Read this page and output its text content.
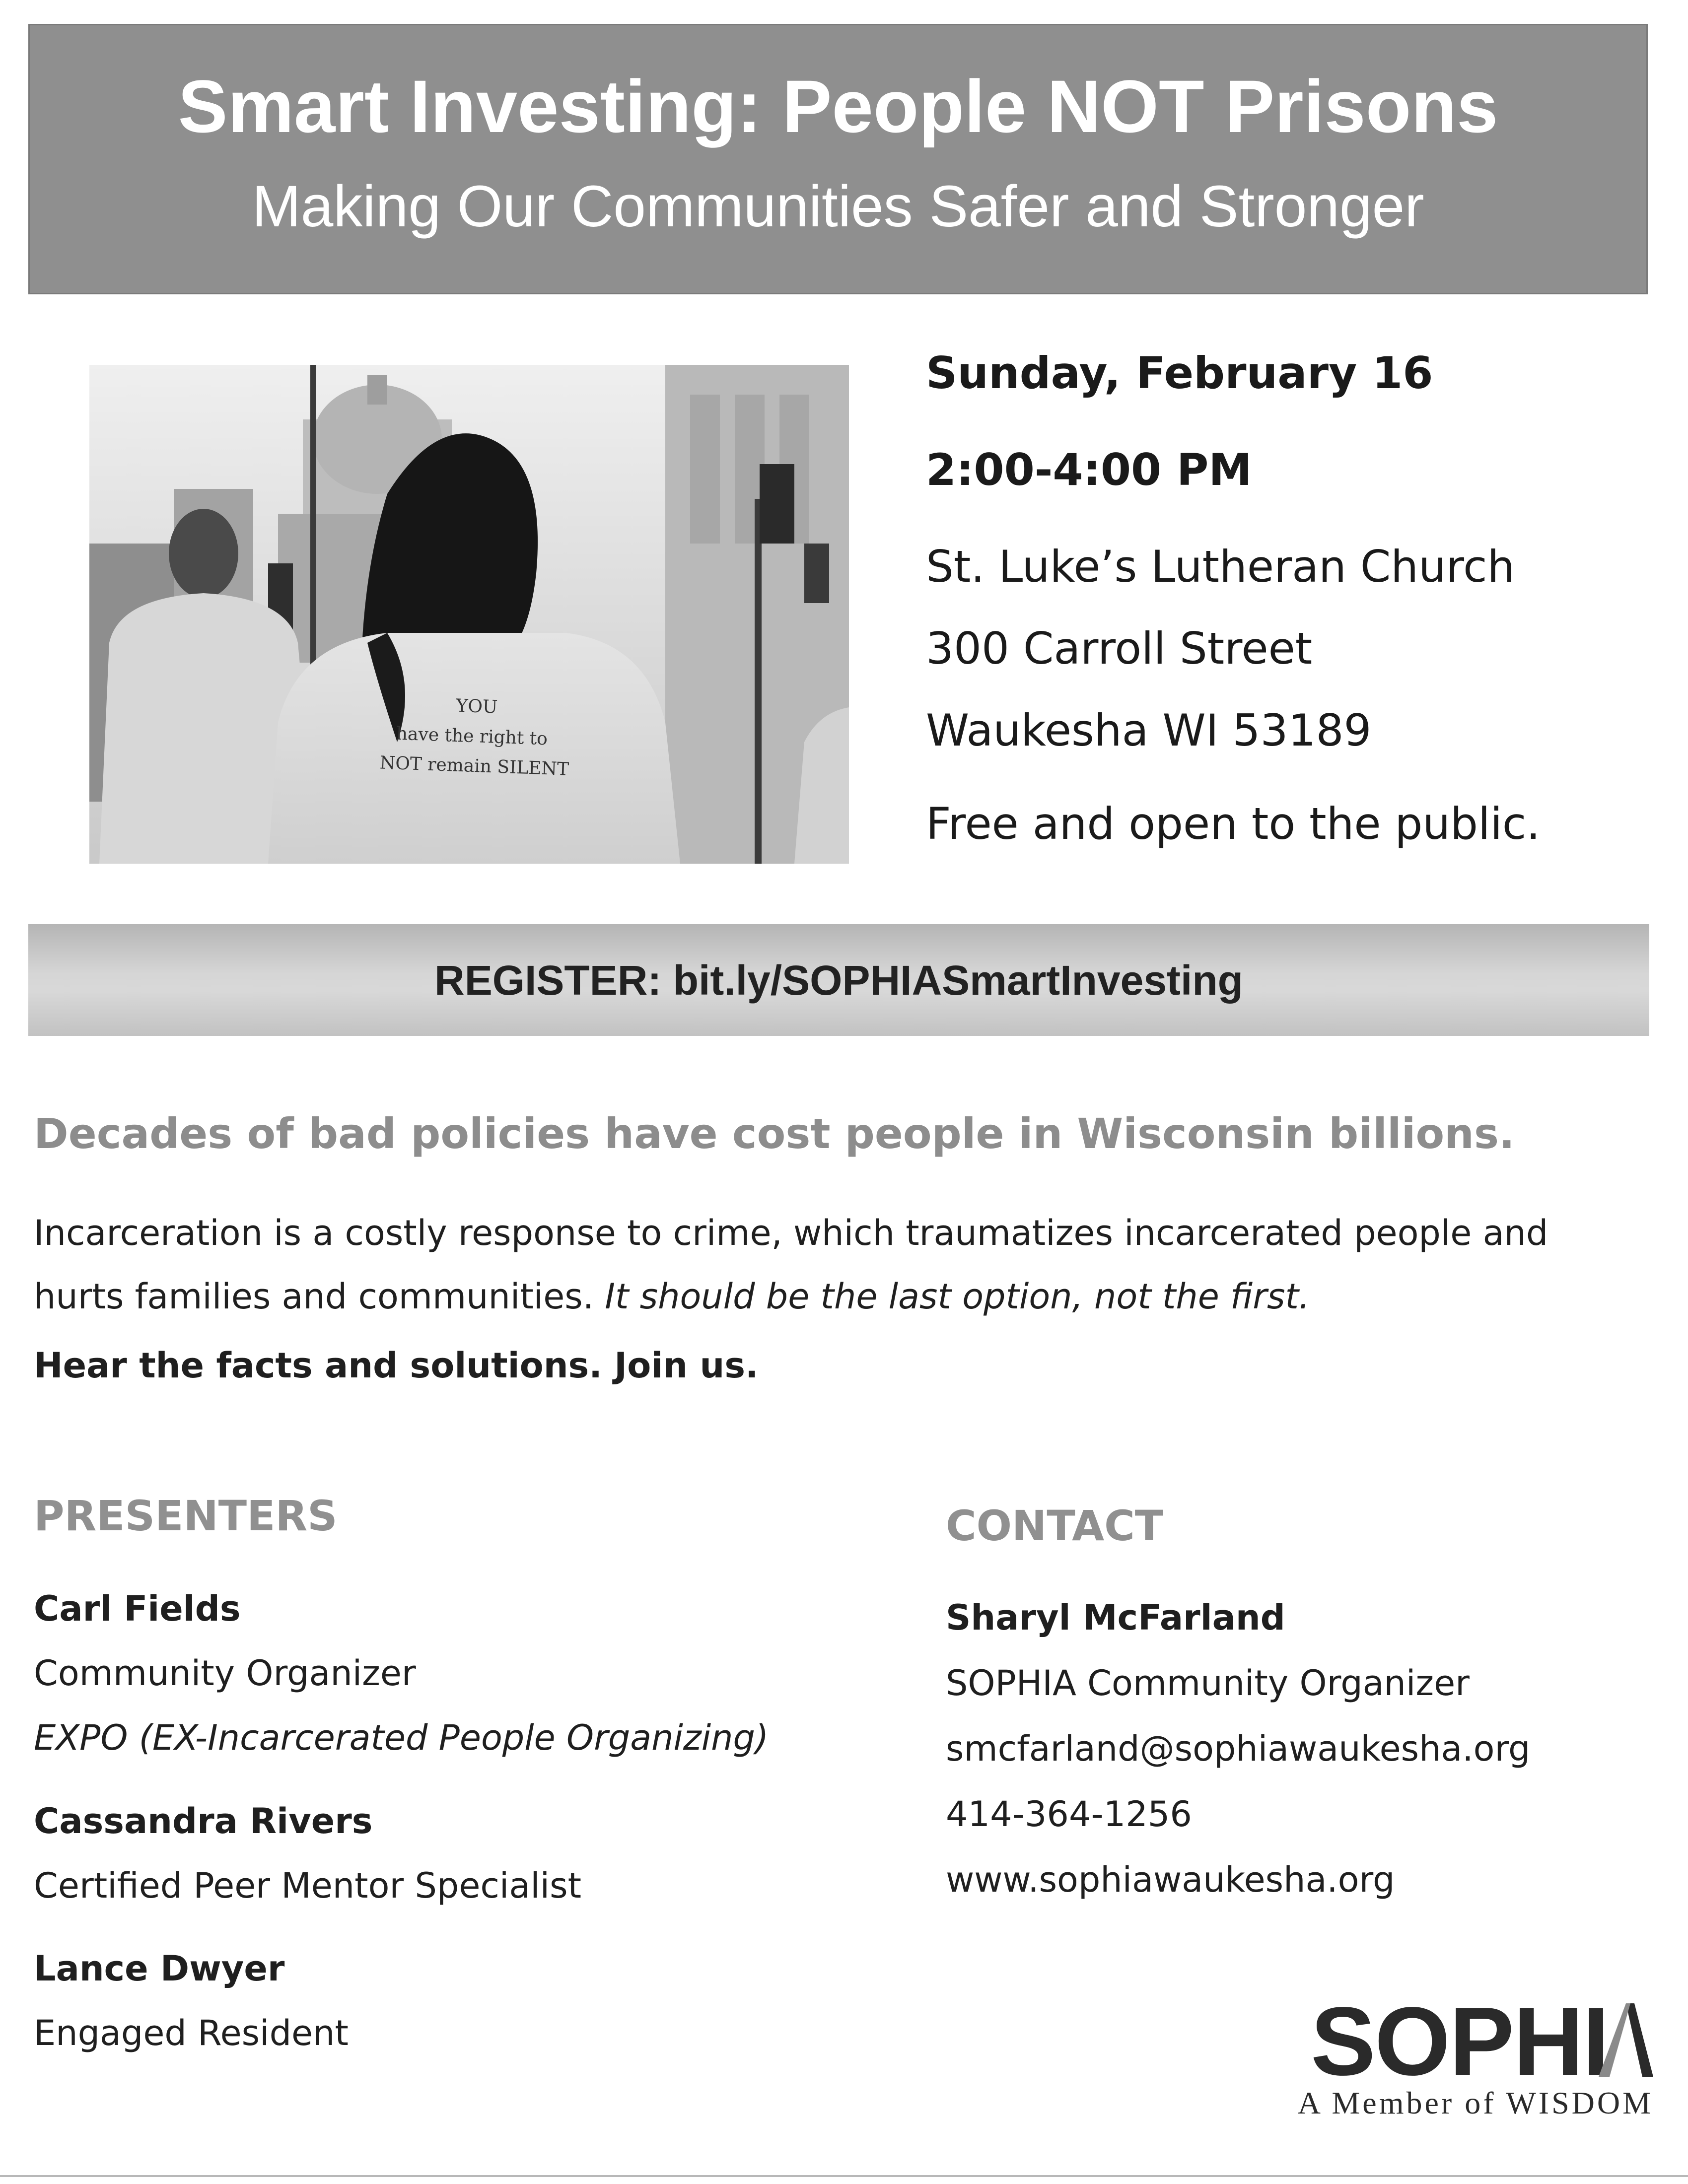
Smart Investing: People NOT Prisons
Making Our Communities Safer and Stronger
YOU
have the right to
NOT remain SILENT
Sunday, February 16
2:00-4:00 PM
St. Luke’s Lutheran Church
300 Carroll Street
Waukesha WI 53189
Free and open to the public.
REGISTER: bit.ly/SOPHIASmartInvesting
Decades of bad policies have cost people in Wisconsin billions.
Incarceration is a costly response to crime, which traumatizes incarcerated people and
hurts families and communities. It should be the last option, not the first.
Hear the facts and solutions. Join us.
PRESENTERS
Carl Fields
Community Organizer
EXPO (EX-Incarcerated People Organizing)
Cassandra Rivers
Certified Peer Mentor Specialist
Lance Dwyer
Engaged Resident
CONTACT
Sharyl McFarland
SOPHIA Community Organizer
smcfarland@sophiawaukesha.org
414-364-1256
www.sophiawaukesha.org
SOPHI
A Member of WISDOM
